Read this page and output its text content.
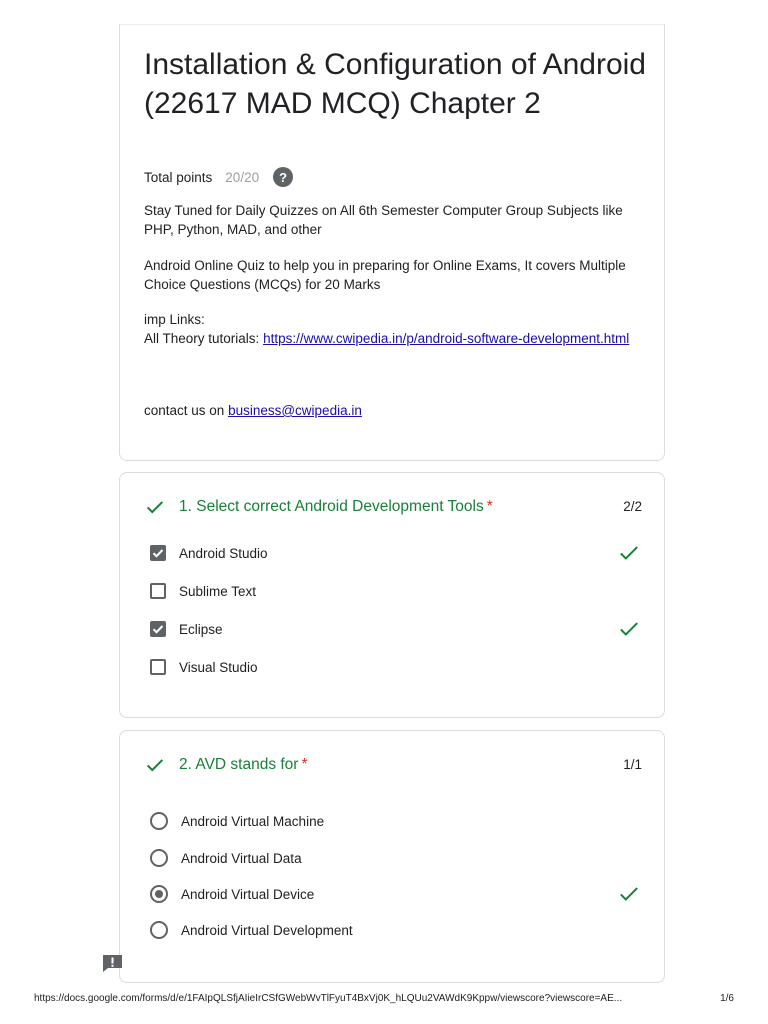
Installation & Configuration of Android (22617 MAD MCQ) Chapter 2
Total points 20/20	?
Stay Tuned for Daily Quizzes on All 6th Semester Computer Group Subjects like PHP, Python, MAD, and other
Android Online Quiz to help you in preparing for Online Exams, It covers Multiple Choice Questions (MCQs) for 20 Marks
imp Links:
All Theory tutorials: https://www.cwipedia.in/p/android-software-development.html
contact us on business@cwipedia.in
1. Select correct Android Development Tools *	2/2
Android Studio
Sublime Text
Eclipse
Visual Studio
2. AVD stands for *	1/1
Android Virtual Machine
Android Virtual Data
Android Virtual Device
Android Virtual Development
https://docs.google.com/forms/d/e/1FAIpQLSfjAIieIrCSfGWebWvTlFyuT4BxVj0K_hLQUu2VAWdK9Kppw/viewscore?viewscore=AE...	1/6
